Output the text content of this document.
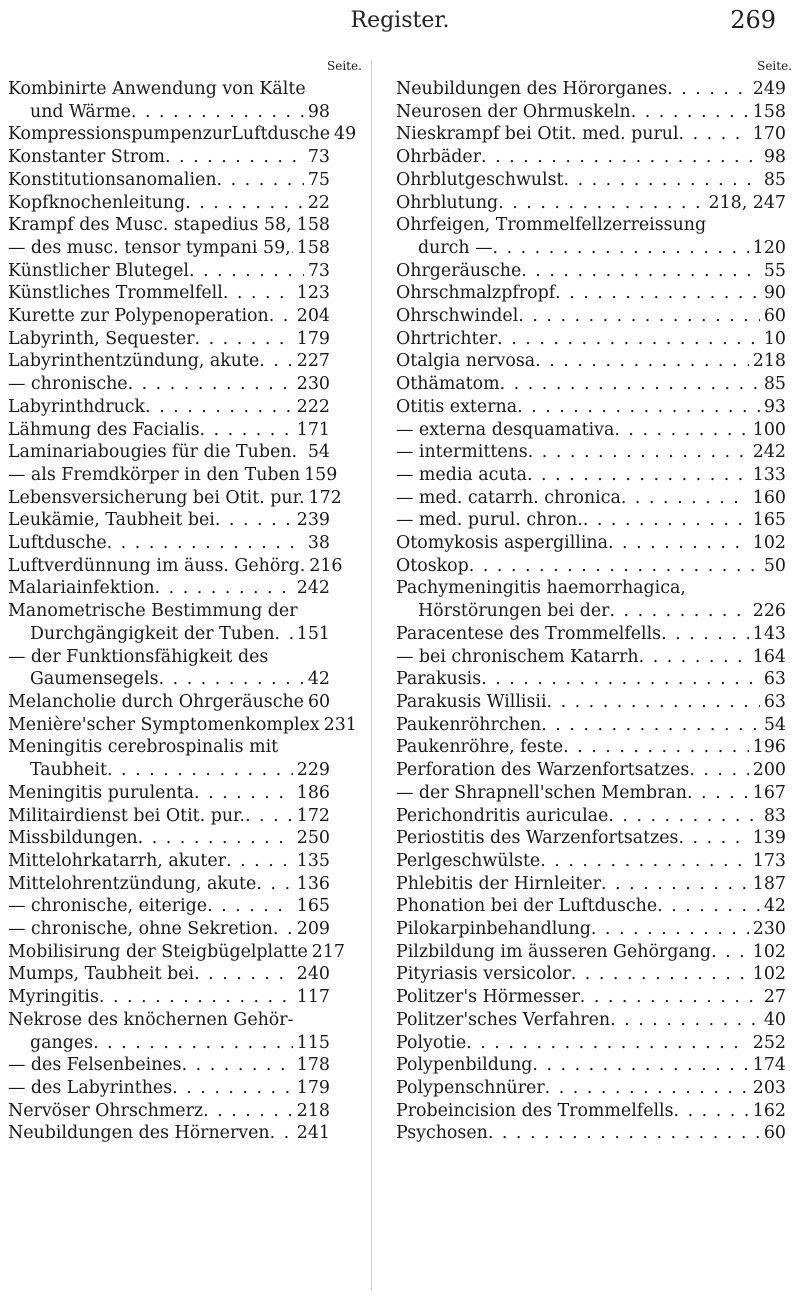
Register.	269
Seite.	Seite.
Kombinirte Anwendung von Kälte
und Wärme . . .	98
KompressionspumpenzurLuftdusche 49
Konstanter Strom . . .	73
Konstitutionsanomalien . . .	75
Kopfknochenleitung . . .	22
Krampf des Musc. stapedius 58, . . . 158
— des musc. tensor tympani 59, . . . 158
Künstlicher Blutegel . . .	73
Künstliches Trommelfell . . .	123
Kurette zur Polypenoperation . . . 204
Labyrinth, Sequester . . .	179
Labyrinthentzündung, akute . . . 227
— chronische . . .	230
Labyrinthdruck . . .	222
Lähmung des Facialis . . .	171
Laminariabougies für die Tuben . . . 54
— als Fremdkörper in den Tuben 159
Lebensversicherung bei Otit. pur. 172
Leukämie, Taubheit bei . . .	239
Luftdusche . . .	38
Luftverdünnung im äuss. Gehörg. 216
Malariainfektion . . .	242
Manometrische Bestimmung der
Durchgängigkeit der Tuben . . . 151
— der Funktionsfähigkeit des
Gaumensegels . . .	42
Melancholie durch Ohrgeräusche 60
Menière'scher Symptomenkomplex 231
Meningitis cerebrospinalis mit
Taubheit . . .	229
Meningitis purulenta . . .	186
Militairdienst bei Otit. pur. . . .	172
Missbildungen . . .	250
Mittelohrkatarrh, akuter . . .	135
Mittelohrentzündung, akute . . . 136
— chronische, eiterige . . .	165
— chronische, ohne Sekretion . . . 209
Mobilisirung der Steigbügelplatte 217
Mumps, Taubheit bei . . .	240
Myringitis . . .	117
Nekrose des knöchernen Gehör-
ganges . . .	115
— des Felsenbeines . . .	178
— des Labyrinthes . . .	179
Nervöser Ohrschmerz . . .	218
Neubildungen des Hörnerven . . . 241
Neubildungen des Hörorganes . . .	249
Neurosen der Ohrmuskeln . . .	158
Nieskrampf bei Otit. med. purul . . .	170
Ohrbäder . . .	98
Ohrblutgeschwulst . . .	85
Ohrblutung . . .	218, 247
Ohrfeigen, Trommelfellzerreissung
durch — . . .	120
Ohrgeräusche . . .	55
Ohrschmalzpfropf . . .	90
Ohrschwindel . . .	60
Ohrtrichter . . .	10
Otalgia nervosa . . .	218
Othämatom . . .	85
Otitis externa . . .	93
— externa desquamativa . . .	100
— intermittens . . .	242
— media acuta . . .	133
— med. catarrh. chronica . . .	160
— med. purul. chron. . . .	165
Otomykosis aspergillina . . .	102
Otoskop . . .	50
Pachymeningitis haemorrhagica,
Hörstörungen bei der . . .	226
Paracentese des Trommelfells . . .	143
— bei chronischem Katarrh . . .	164
Parakusis . . .	63
Parakusis Willisii . . .	63
Paukenröhrchen . . .	54
Paukenröhre, feste . . .	196
Perforation des Warzenfortsatzes . . .	200
— der Shrapnell'schen Membran . . .	167
Perichondritis auriculae . . .	83
Periostitis des Warzenfortsatzes . . .	139
Perlgeschwülste . . .	173
Phlebitis der Hirnleiter . . .	187
Phonation bei der Luftdusche . . .	42
Pilokarpinbehandlung . . .	230
Pilzbildung im äusseren Gehörgang . . . 102
Pityriasis versicolor . . .	102
Politzer's Hörmesser . . .	27
Politzer'sches Verfahren . . .	40
Polyotie . . .	252
Polypenbildung . . .	174
Polypenschnürer . . .	203
Probeincision des Trommelfells . . .	162
Psychosen . . .	60
